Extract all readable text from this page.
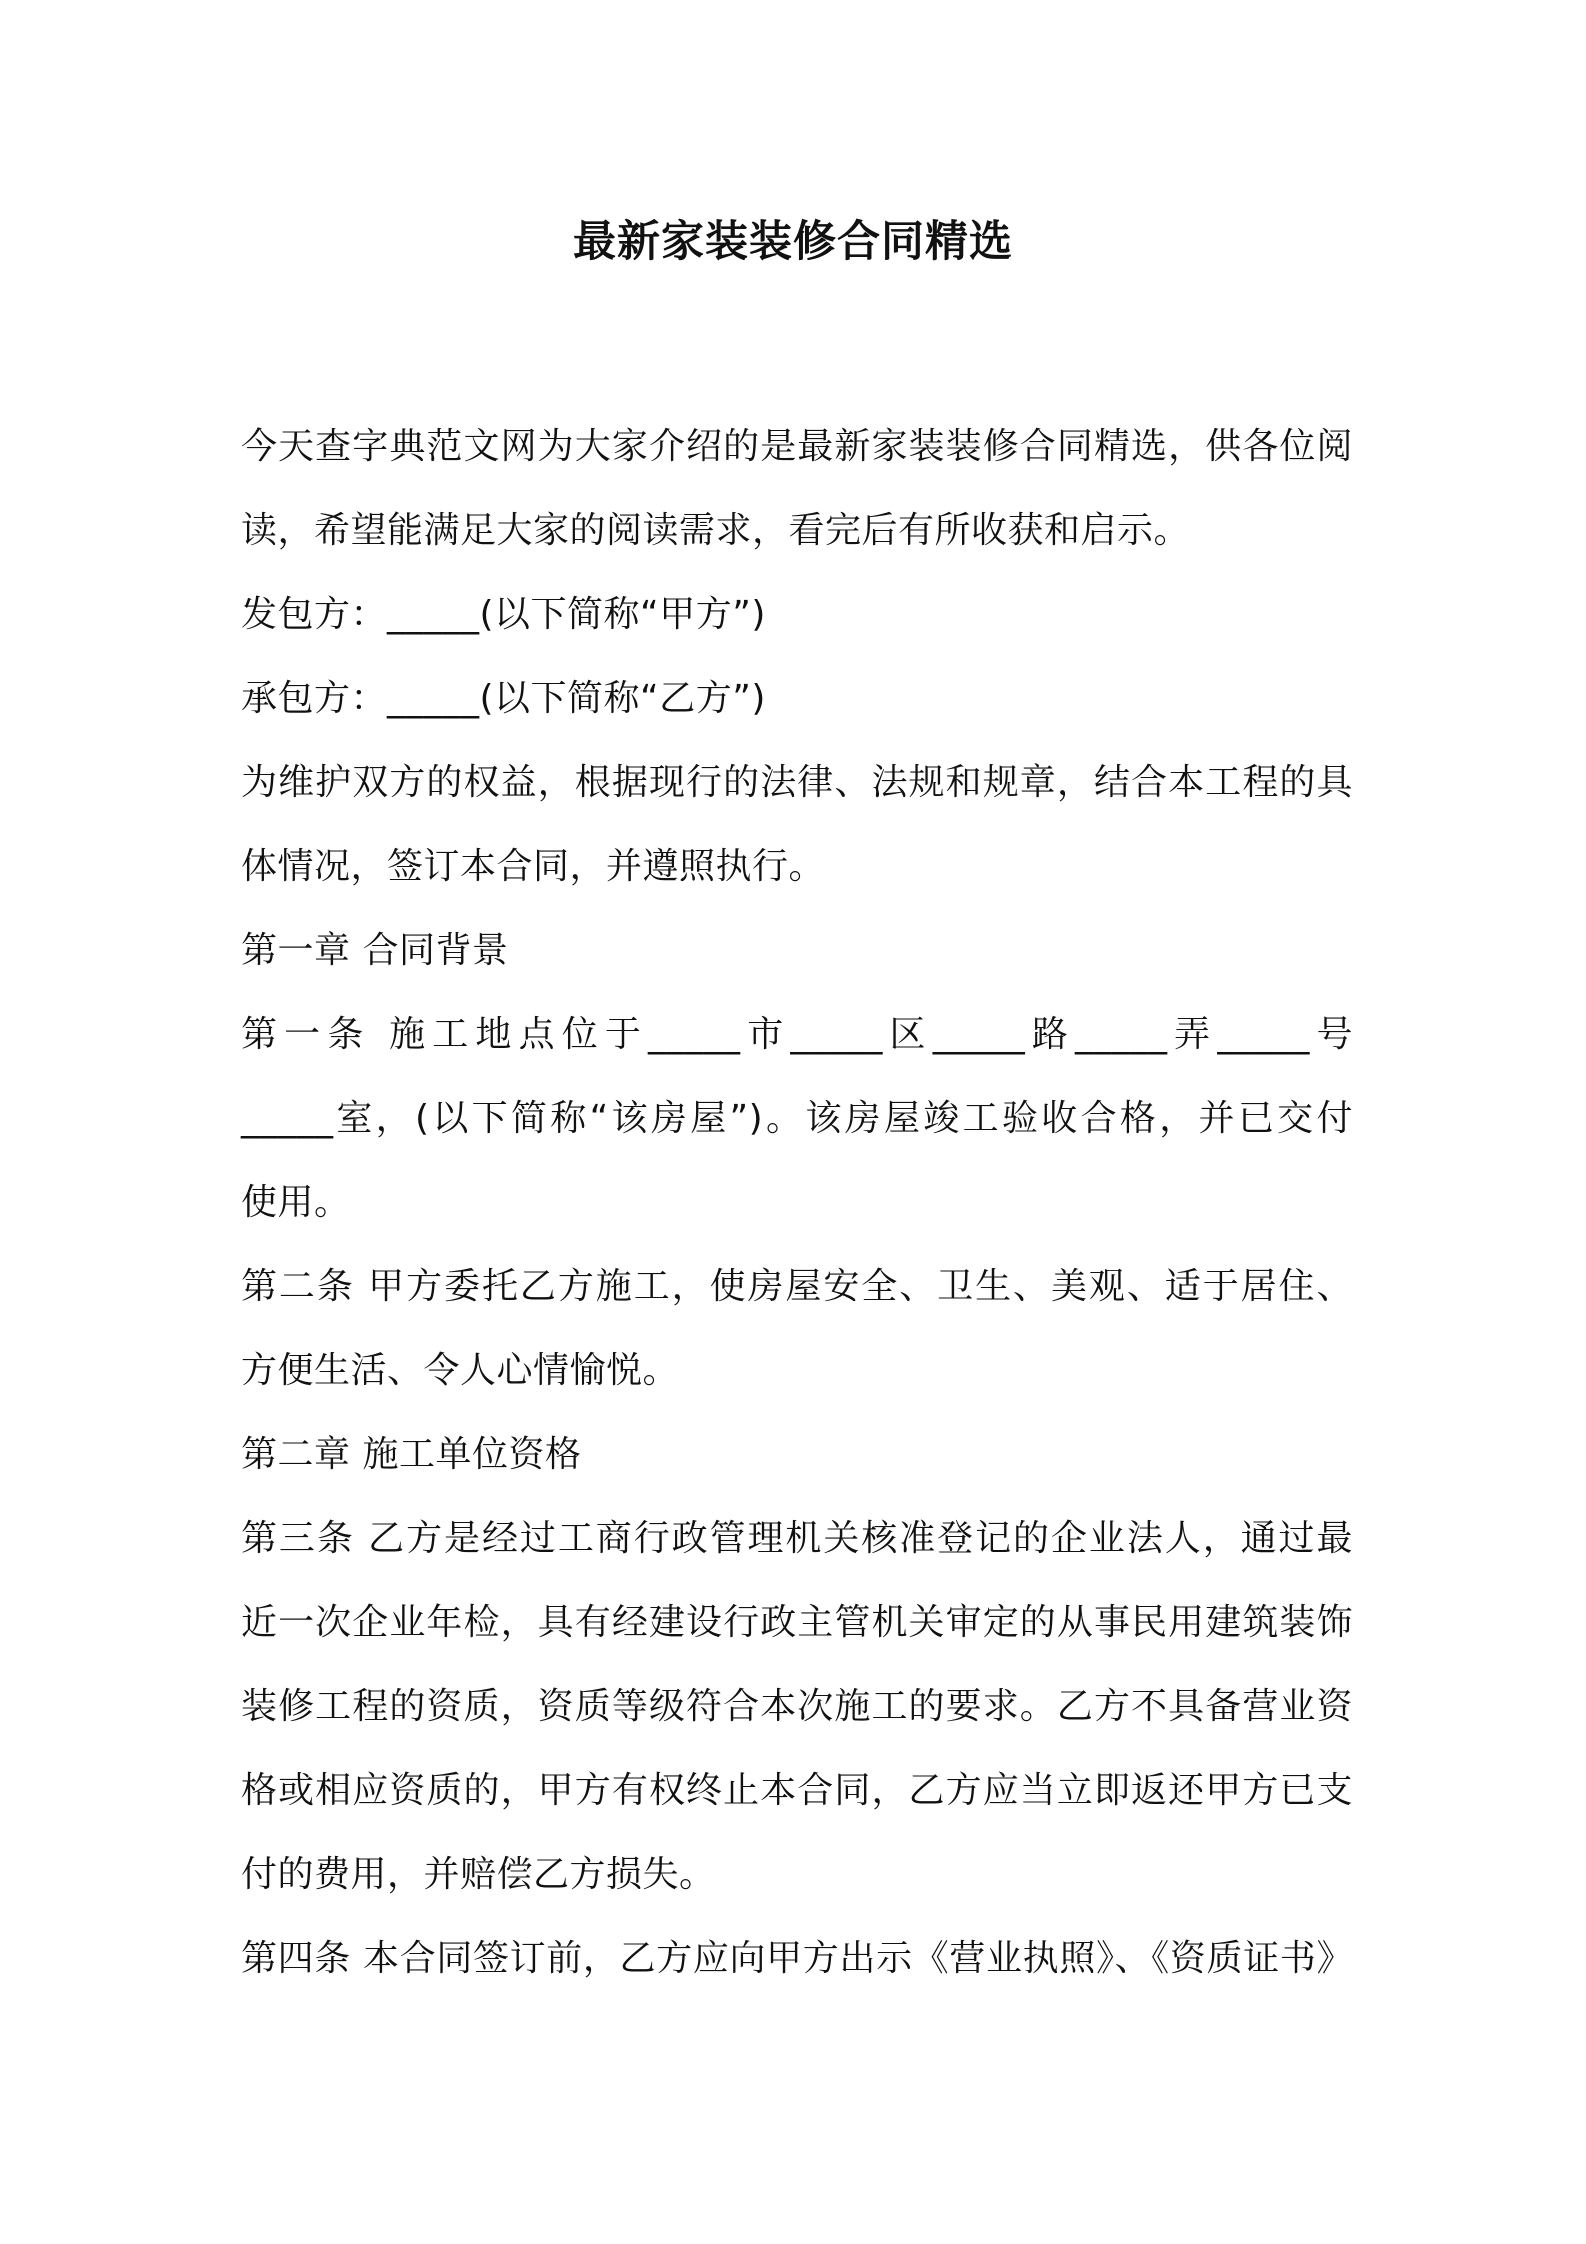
最新家装装修合同精选
今天查字典范文网为大家介绍的是最新家装装修合同精选，供各位阅
读，希望能满足大家的阅读需求，看完后有所收获和启示。
发包方：_____(以下简称“甲方”)
承包方：_____(以下简称“乙方”)
为维护双方的权益，根据现行的法律、法规和规章，结合本工程的具
体情况，签订本合同，并遵照执行。
第一章 合同背景
第一条 施工地点位于_____市_____区_____路_____弄_____号
_____室，(以下简称“该房屋”)。该房屋竣工验收合格，并已交付
使用。
第二条 甲方委托乙方施工，使房屋安全、卫生、美观、适于居住、
方便生活、令人心情愉悦。
第二章 施工单位资格
第三条 乙方是经过工商行政管理机关核准登记的企业法人，通过最
近一次企业年检，具有经建设行政主管机关审定的从事民用建筑装饰
装修工程的资质，资质等级符合本次施工的要求。乙方不具备营业资
格或相应资质的，甲方有权终止本合同，乙方应当立即返还甲方已支
付的费用，并赔偿乙方损失。
第四条 本合同签订前，乙方应向甲方出示《营业执照》、《资质证书》
